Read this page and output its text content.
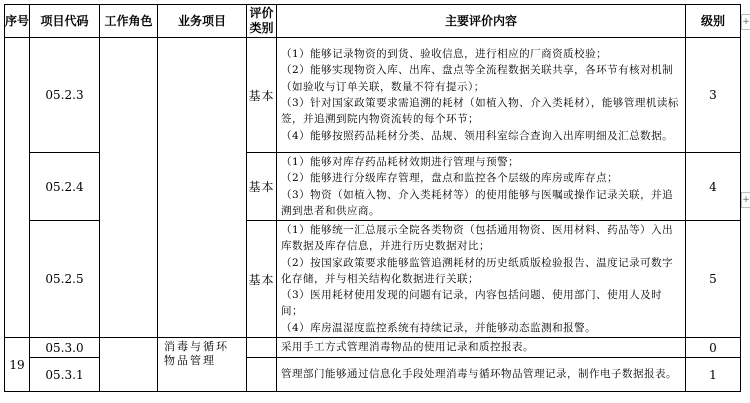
序号	项目代码	工作角色	业务项目	评价类别	主要评价内容	级别
	05.2.3			基本	（1）能够记录物资的到货、验收信息，进行相应的厂商资质校验；
（2）能够实现物资入库、出库、盘点等全流程数据关联共享，各环节有核对机制（如验收与订单关联，数量不符有提示）；
（3）针对国家政策要求需追溯的耗材（如植入物、介入类耗材），能够管理机读标签，并追溯到院内物资流转的每个环节；
（4）能够按照药品耗材分类、品规、领用科室综合查询入出库明细及汇总数据。	3
	05.2.4			基本	（1）能够对库存药品耗材效期进行管理与预警；
（2）能够进行分级库存管理，盘点和监控各个层级的库房或库存点；
（3）物资（如植入物、介入类耗材等）的使用能够与医嘱或操作记录关联，并追溯到患者和供应商。	4
	05.2.5			基本	（1）能够统一汇总展示全院各类物资（包括通用物资、医用材料、药品等）入出库数据及库存信息，并进行历史数据对比；
（2）按国家政策要求能够监管追溯耗材的历史纸质版检验报告、温度记录可数字化存储，并与相关结构化数据进行关联；
（3）医用耗材使用发现的问题有记录，内容包括问题、使用部门、使用人及时间；
（4）库房温湿度监控系统有持续记录，并能够动态监测和报警。	5
19	05.3.0		消毒与循环物品管理		采用手工方式管理消毒物品的使用记录和质控报表。	0
	05.3.1				管理部门能够通过信息化手段处理消毒与循环物品管理记录，制作电子数据报表。	1
+
+
